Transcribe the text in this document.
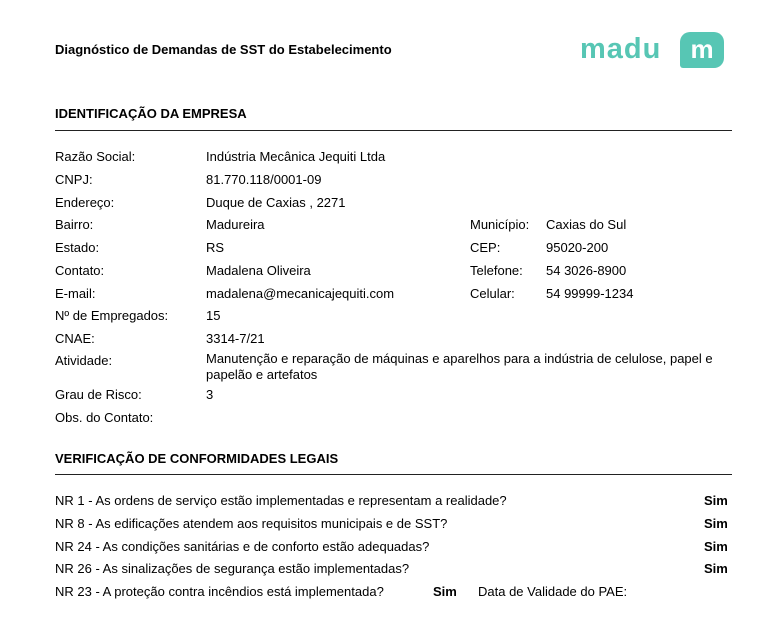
Diagnóstico de Demandas de SST do Estabelecimento	madu	m
IDENTIFICAÇÃO DA EMPRESA
Razão Social:	Indústria Mecânica Jequiti Ltda
CNPJ:	81.770.118/0001-09
Endereço:	Duque de Caxias , 2271
Bairro:	Madureira	Município: Caxias do Sul
Estado:	RS	CEP:	95020-200
Contato:	Madalena Oliveira	Telefone: 54 3026-8900
E-mail:	madalena@mecanicajequiti.com	Celular: 54 99999-1234
Nº de Empregados:	15
CNAE:	3314-7/21
Atividade:	Manutenção e reparação de máquinas e aparelhos para a indústria de celulose, papel e papelão e artefatos
Grau de Risco:	3
Obs. do Contato:
VERIFICAÇÃO DE CONFORMIDADES LEGAIS
NR 1 - As ordens de serviço estão implementadas e representam a realidade?	Sim
NR 8 - As edificações atendem aos requisitos municipais e de SST?	Sim
NR 24 - As condições sanitárias e de conforto estão adequadas?	Sim
NR 26 - As sinalizações de segurança estão implementadas?	Sim
NR 23 - A proteção contra incêndios está implementada?	Sim Data de Validade do PAE:
